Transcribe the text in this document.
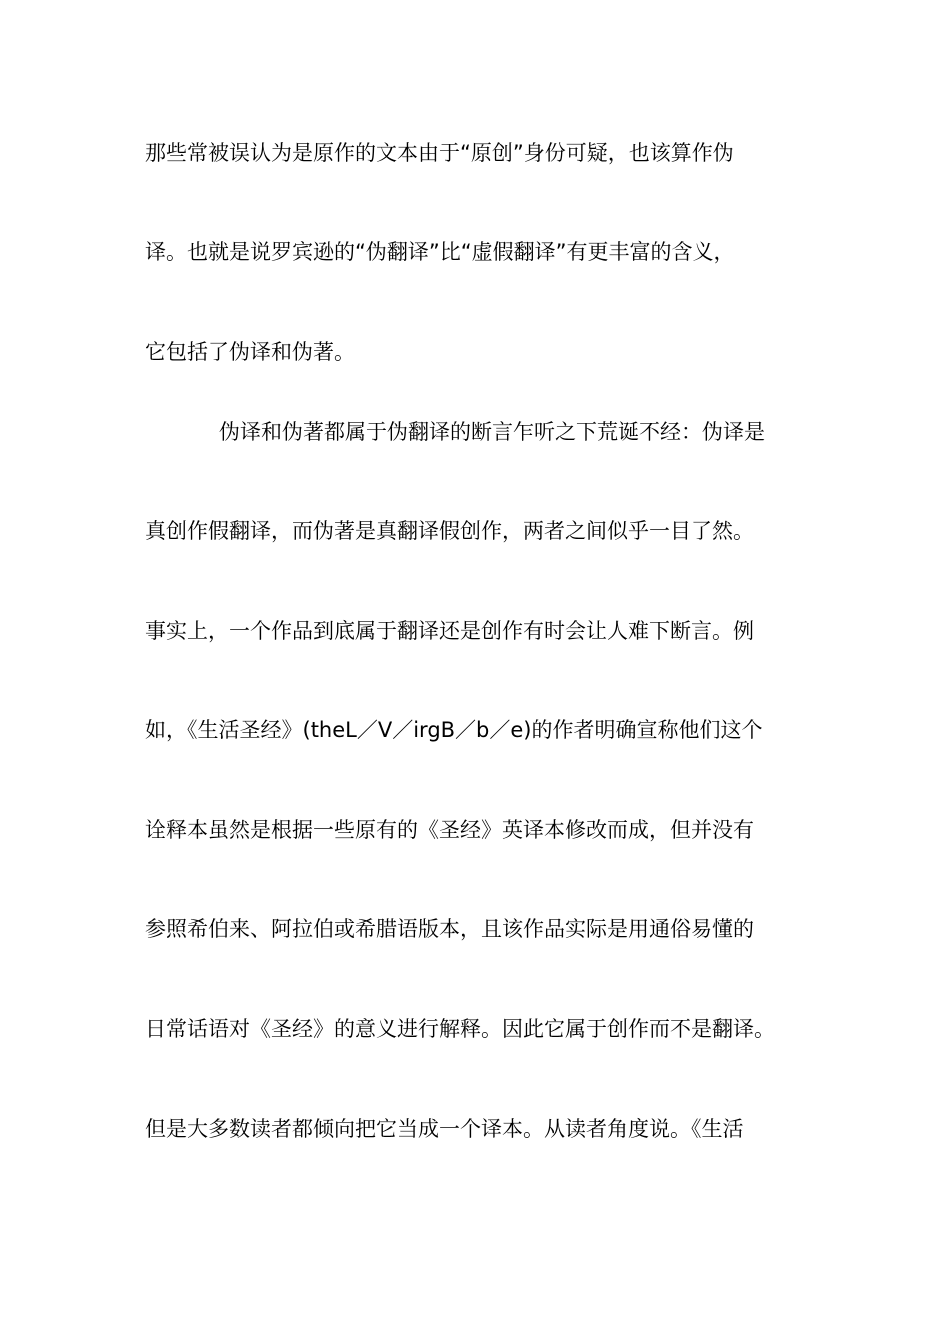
那些常被误认为是原作的文本由于“原创”身份可疑，也该算作伪
译。也就是说罗宾逊的“伪翻译”比“虚假翻译”有更丰富的含义，
它包括了伪译和伪著。
伪译和伪著都属于伪翻译的断言乍听之下荒诞不经：伪译是
真创作假翻译，而伪著是真翻译假创作，两者之间似乎一目了然。
事实上，一个作品到底属于翻译还是创作有时会让人难下断言。例
如，《生活圣经》(theL／V／irgB／b／e)的作者明确宣称他们这个
诠释本虽然是根据一些原有的《圣经》英译本修改而成，但并没有
参照希伯来、阿拉伯或希腊语版本，且该作品实际是用通俗易懂的
日常话语对《圣经》的意义进行解释。因此它属于创作而不是翻译。
但是大多数读者都倾向把它当成一个译本。从读者角度说。《生活
